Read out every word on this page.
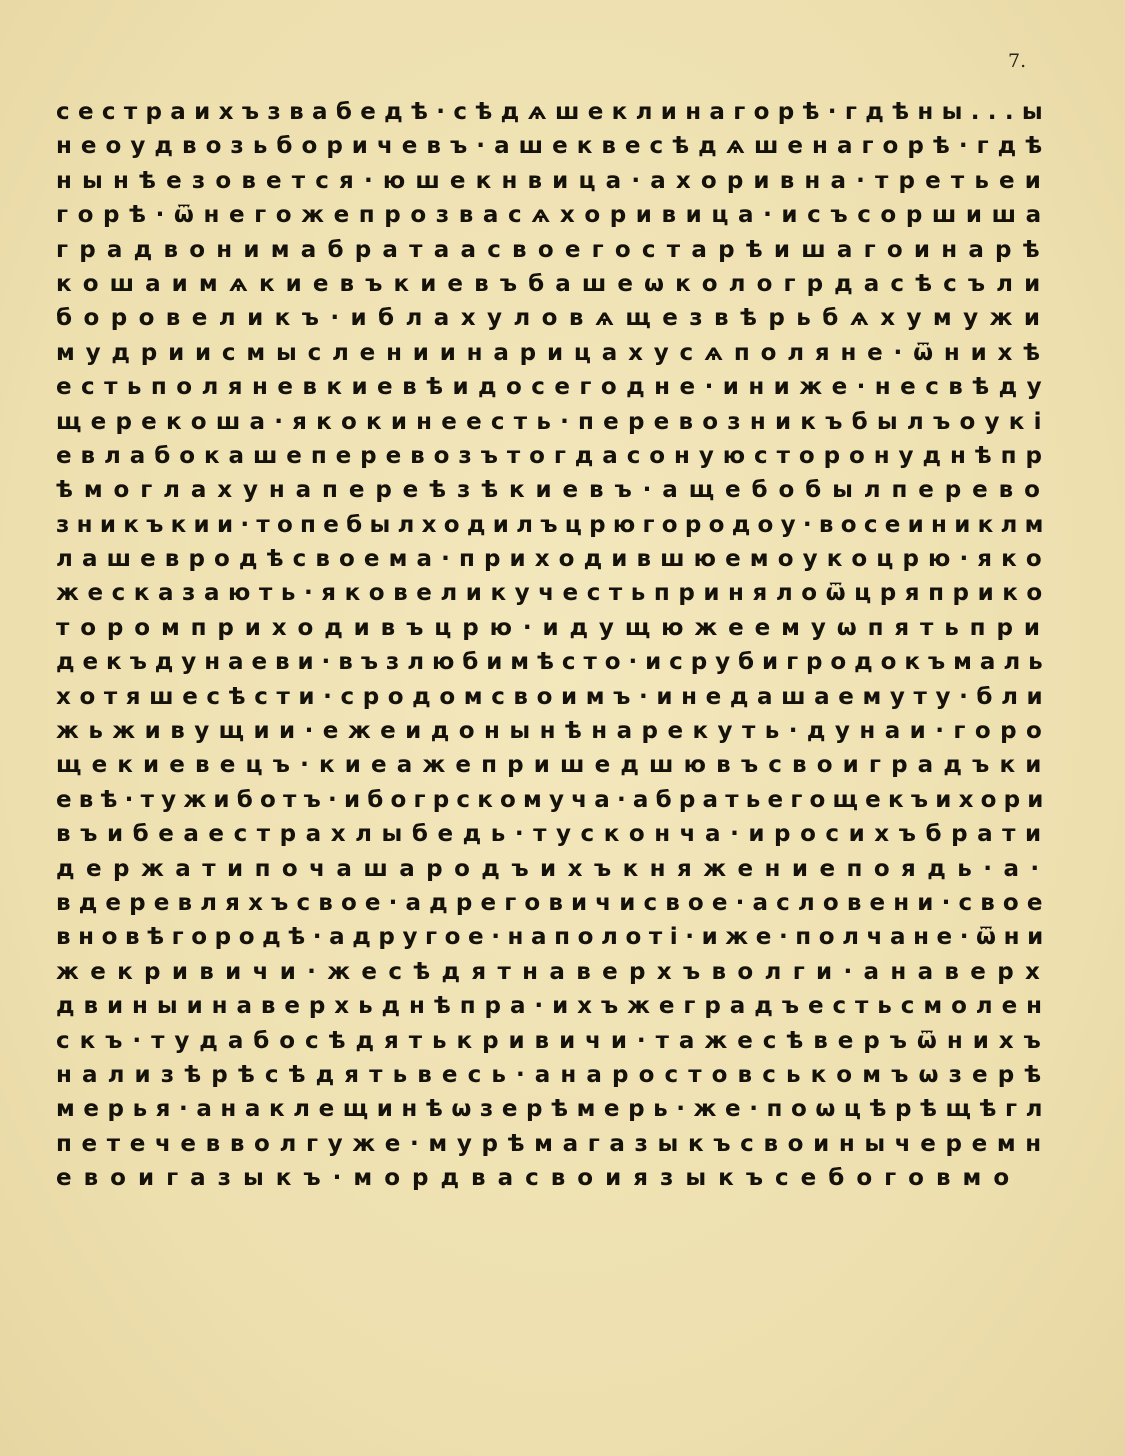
7.
сестраихъзвабедѣ·сѣдѧшеклинагорѣ·гдѣны...ы
неоудвозьборичевъ·ашеквесѣдѧшенагорѣ·гдѣ
нынѣезовется·юшекнвица·ахоривна·третьеи
горѣ·ѿнегожепрозвасѧхоривица·исъсоршиша
градвонимабратаасвоегостарѣишагоинарѣ
кошаимѧкиевъкиевъбашеѡкологрдасѣсъли
боровеликъ·иблахуловѧщезвѣрьбѧхумужи
мудриисмыслениинарицахусѧполяне·ѿнихѣ
естьполяневкиевѣидосегодне·иниже·несвѣду
щерекоша·якокинеесть·перевозникъбылъоукі
евлабокашеперевозътогдасонуюсторонуднѣпр
ѣмоглахунапереѣзѣкиевъ·ащебобылперево
зникъкии·топебылходилъцрюгородоу·восеиниклм
лашевродѣсвоема·приходившюемоукоцрю·яко
жесказають·яковеликучестьпринялоѿцряприко
торомприходивъцрю·идущюжеемуѡпятьпри
декъдунаеви·възлюбимѣсто·исрубигродокъмаль
хотяшесѣсти·сродомсвоимъ·инедашаемуту·бли
жьживущии·ежеидонынѣнарекуть·дунаи·горо
щекиевецъ·киеажепришедшювъсвоиградъки
евѣ·тужиботъ·ибогрскомуча·абратьегощекъихори
въибеаестрахлыбедь·тусконча·иросихъбрати
держатипочашародъихъкняжениепоядь·а·
вдеревляхъсвое·адреговичисвое·асловени·свое
вновѣгородѣ·адругое·наполоті·иже·полчане·ѿни
жекривичи·жесѣдятнаверхъволги·анаверх
двиныинаверхьднѣпра·ихъжеградъестьсмолен
скъ·тудабосѣдятькривичи·тажесѣверъѿнихъ
нализѣрѣсѣдятьвесь·анаростовськомъѡзерѣ
мерья·анаклещинѣѡзерѣмерь·же·поѡцѣрѣщѣгл
петечевволгуже·мурѣмагазыкъсвоинычеремн
евоигазыкъ·мордвасвоиязыкъсебоговмо
